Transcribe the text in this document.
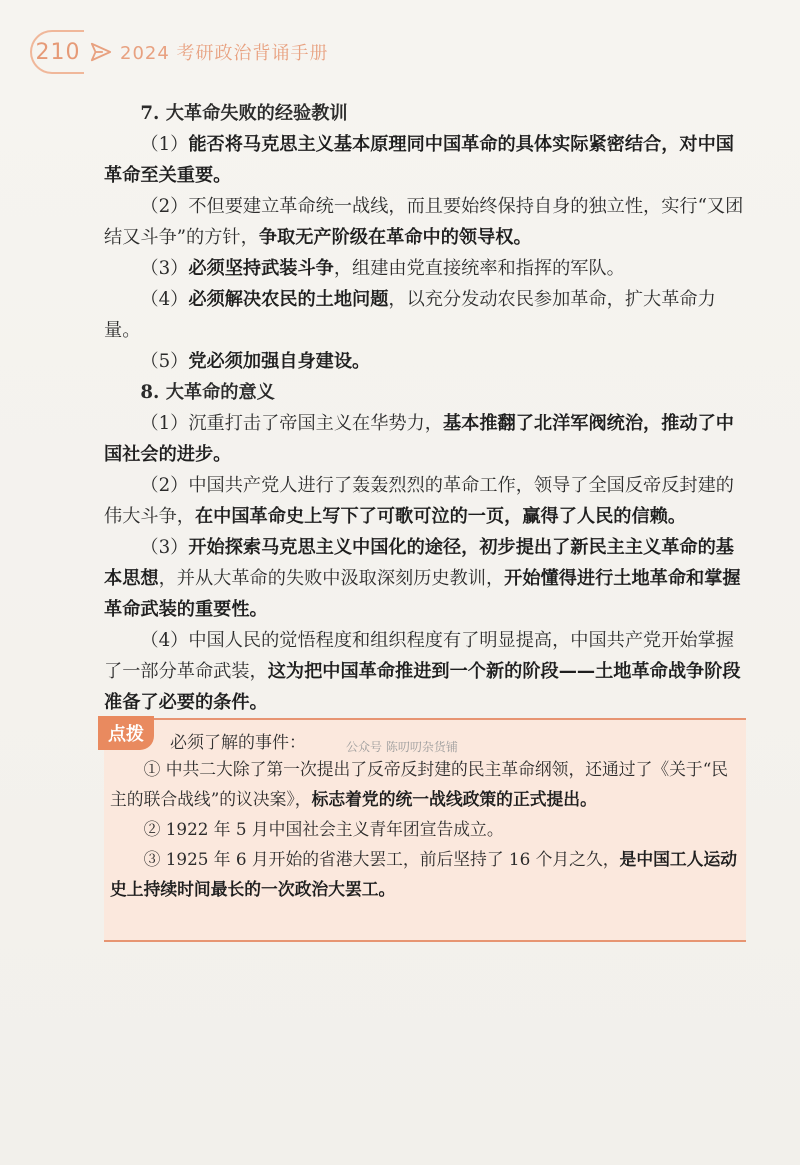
210 2024 考研政治背诵手册

7. 大革命失败的经验教训

（1）能否将马克思主义基本原理同中国革命的具体实际紧密结合，对中国革命至关重要。

（2）不但要建立革命统一战线，而且要始终保持自身的独立性，实行“又团结又斗争”的方针，争取无产阶级在革命中的领导权。

（3）必须坚持武装斗争，组建由党直接统率和指挥的军队。

（4）必须解决农民的土地问题，以充分发动农民参加革命，扩大革命力量。

（5）党必须加强自身建设。

8. 大革命的意义

（1）沉重打击了帝国主义在华势力，基本推翻了北洋军阀统治，推动了中国社会的进步。

（2）中国共产党人进行了轰轰烈烈的革命工作，领导了全国反帝反封建的伟大斗争，在中国革命史上写下了可歌可泣的一页，赢得了人民的信赖。

（3）开始探索马克思主义中国化的途径，初步提出了新民主主义革命的基本思想，并从大革命的失败中汲取深刻历史教训，开始懂得进行土地革命和掌握革命武装的重要性。

（4）中国人民的觉悟程度和组织程度有了明显提高，中国共产党开始掌握了一部分革命武装，这为把中国革命推进到一个新的阶段——土地革命战争阶段准备了必要的条件。

点拨	必须了解的事件：	公众号 陈叨叨杂货铺

① 中共二大除了第一次提出了反帝反封建的民主革命纲领，还通过了《关于“民主的联合战线”的议决案》，标志着党的统一战线政策的正式提出。

② 1922 年 5 月中国社会主义青年团宣告成立。

③ 1925 年 6 月开始的省港大罢工，前后坚持了 16 个月之久，是中国工人运动史上持续时间最长的一次政治大罢工。
